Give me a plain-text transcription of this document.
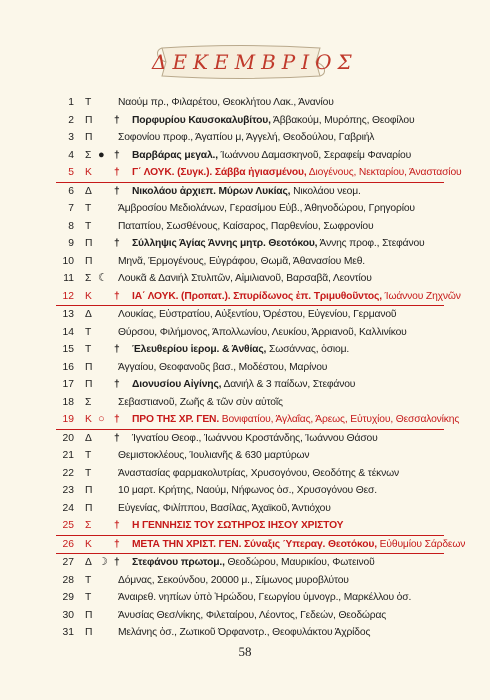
ΔΕΚΕΜΒΡΙΟΣ
1 Τ	Ναούμ πρ., Φιλαρέτου, Θεοκλήτου Λακ., Άνανίου
2 Π	†	Πορφυρίου Καυσοκαλυβίτου, Άββακούμ, Μυρόπης, Θεοφίλου
3 Π	Σοφονίου προφ., Άγαπίου μ, Άγγελή, Θεοδούλου, Γαβριήλ
4 Σ ● †	Βαρβάρας μεγαλ., Ίωάννου Δαμασκηνοῦ, Σεραφείμ Φαναρίου
5 Κ	†	Γ΄ ΛΟΥΚ. (Συγκ.). Σάββα ἡγιασμένου, Διογένους, Νεκταρίου, Άναστασίου
6 Δ	†	Νικολάου ἀρχιεπ. Μύρων Λυκίας, Νικολάου νεομ.
7 Τ	Άμβροσίου Μεδιολάνων, Γερασίμου Εὐβ., Άθηνοδώρου, Γρηγορίου
8 Τ	Παταπίου, Σωσθένους, Καίσαρος, Παρθενίου, Σωφρονίου
9 Π	†	Σύλληψις Άγίας Άννης μητρ. Θεοτόκου, Άννης προφ., Στεφάνου
10 Π	Μηνᾶ, Έρμογένους, Εὐγράφου, Θωμᾶ, Άθανασίου Μεθ.
11 Σ ☾ Λουκᾶ & Δανιήλ Στυλιτῶν, Αἰμιλιανοῦ, Βαρσαβᾶ, Λεοντίου
12 Κ	†	ΙΑ΄ ΛΟΥΚ. (Προπατ.). Σπυρίδωνος ἐπ. Τριμυθοῦντος, Ίωάννου Ζηχνῶν
13 Δ	Λουκίας, Εὐστρατίου, Αὐξεντίου, Όρέστου, Εὐγενίου, Γερμανοῦ
14 Τ	Θύρσου, Φιλήμονος, Άπολλωνίου, Λευκίου, Άρριανοῦ, Καλλινίκου
15 Τ	†	Έλευθερίου ἱερομ. & Άνθίας, Σωσάννας, ὁσιομ.
16 Π	Άγγαίου, Θεοφανοῦς βασ., Μοδέστου, Μαρίνου
17 Π	†	Διονυσίου Αἰγίνης, Δανιήλ & 3 παίδων, Στεφάνου
18 Σ	Σεβαστιανοῦ, Ζωῆς & τῶν σὺν αὐτοῖς
19 Κ ○ †	ΠΡΟ ΤΗΣ ΧΡ. ΓΕΝ. Βονιφατίου, Άγλαΐας, Άρεως, Εὐτυχίου, Θεσσαλονίκης
20 Δ	†	Ίγνατίου Θεοφ., Ίωάννου Κροστάνδης, Ίωάννου Θάσου
21 Τ	Θεμιστοκλέους, Ίουλιανῆς & 630 μαρτύρων
22 Τ	Άναστασίας φαρμακολυτρίας, Χρυσογόνου, Θεοδότης & τέκνων
23 Π	10 μαρτ. Κρήτης, Ναούμ, Νήφωνος ὁσ., Χρυσογόνου Θεσ.
24 Π	Εὐγενίας, Φιλίππου, Βασίλας, Άχαϊκοῦ, Άντιόχου
25 Σ	†	Η ΓΕΝΝΗΣΙΣ ΤΟΥ ΣΩΤΗΡΟΣ ΙΗΣΟΥ ΧΡΙΣΤΟΥ
26 Κ	†	ΜΕΤΑ ΤΗΝ ΧΡΙΣΤ. ΓΕΝ. Σύναξις Ύπεραγ. Θεοτόκου, Εὐθυμίου Σάρδεων
27 Δ ☽ †	Στεφάνου πρωτομ., Θεοδώρου, Μαυρικίου, Φωτεινοῦ
28 Τ	Δόμνας, Σεκούνδου, 20000 μ., Σίμωνος μυροβλύτου
29 Τ	Άναιρεθ. νηπίων ὑπὸ Ἡρώδου, Γεωργίου ὑμνογρ., Μαρκέλλου ὁσ.
30 Π	Άνυσίας Θεσ/νίκης, Φιλεταίρου, Λέοντος, Γεδεών, Θεοδώρας
31 Π	Μελάνης ὁσ., Ζωτικοῦ Όρφανοτρ., Θεοφυλάκτου Άχρίδος
58
